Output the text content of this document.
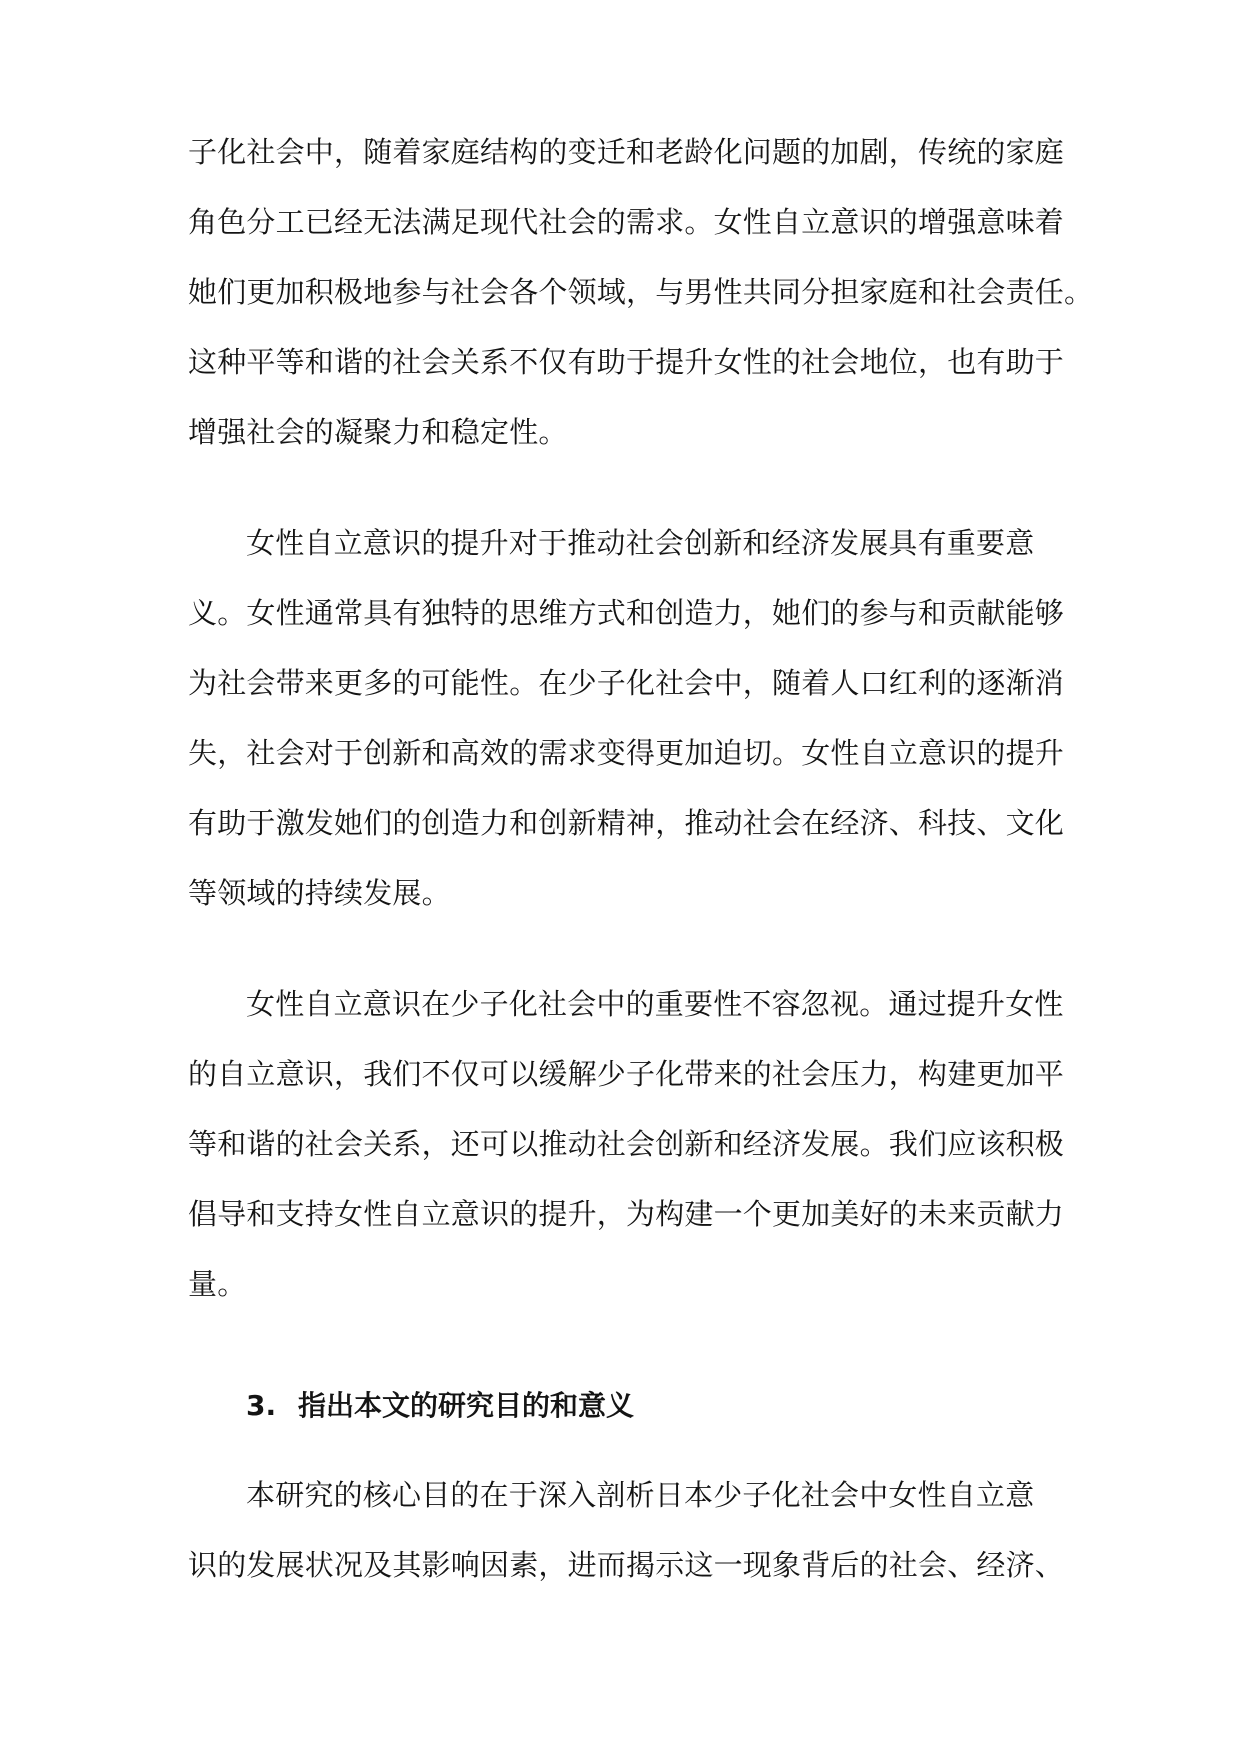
子化社会中，随着家庭结构的变迁和老龄化问题的加剧，传统的家庭
角色分工已经无法满足现代社会的需求。女性自立意识的增强意味着
她们更加积极地参与社会各个领域，与男性共同分担家庭和社会责任。
这种平等和谐的社会关系不仅有助于提升女性的社会地位，也有助于
增强社会的凝聚力和稳定性。
女性自立意识的提升对于推动社会创新和经济发展具有重要意
义。女性通常具有独特的思维方式和创造力，她们的参与和贡献能够
为社会带来更多的可能性。在少子化社会中，随着人口红利的逐渐消
失，社会对于创新和高效的需求变得更加迫切。女性自立意识的提升
有助于激发她们的创造力和创新精神，推动社会在经济、科技、文化
等领域的持续发展。
女性自立意识在少子化社会中的重要性不容忽视。通过提升女性
的自立意识，我们不仅可以缓解少子化带来的社会压力，构建更加平
等和谐的社会关系，还可以推动社会创新和经济发展。我们应该积极
倡导和支持女性自立意识的提升，为构建一个更加美好的未来贡献力
量。
3. 指出本文的研究目的和意义
本研究的核心目的在于深入剖析日本少子化社会中女性自立意
识的发展状况及其影响因素，进而揭示这一现象背后的社会、经济、
